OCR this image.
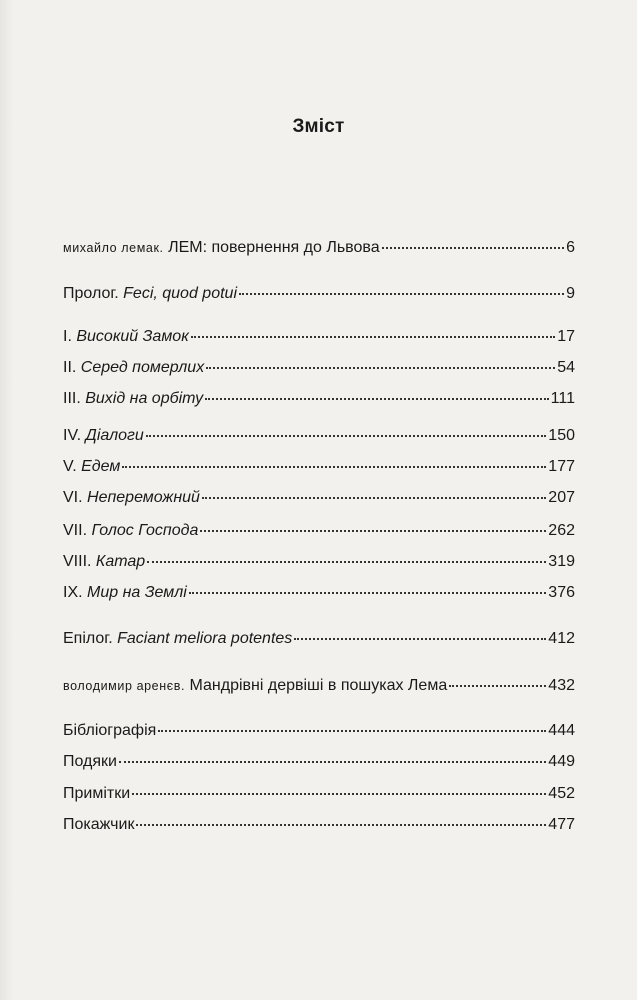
Зміст
михайло лемак. ЛЕМ: повернення до Львова	6
Пролог. Feci, quod potui	9
I. Високий Замок	17
II. Серед померлих	54
III. Вихід на орбіту	111
IV. Діалоги	150
V. Едем	177
VI. Непереможний	207
VII. Голос Господа	262
VIII. Катар	319
IX. Мир на Землі	376
Епілог. Faciant meliora potentes	412
володимир аренєв. Мандрівні дервіші в пошуках Лема	432
Бібліографія	444
Подяки	449
Примітки	452
Покажчик	477
